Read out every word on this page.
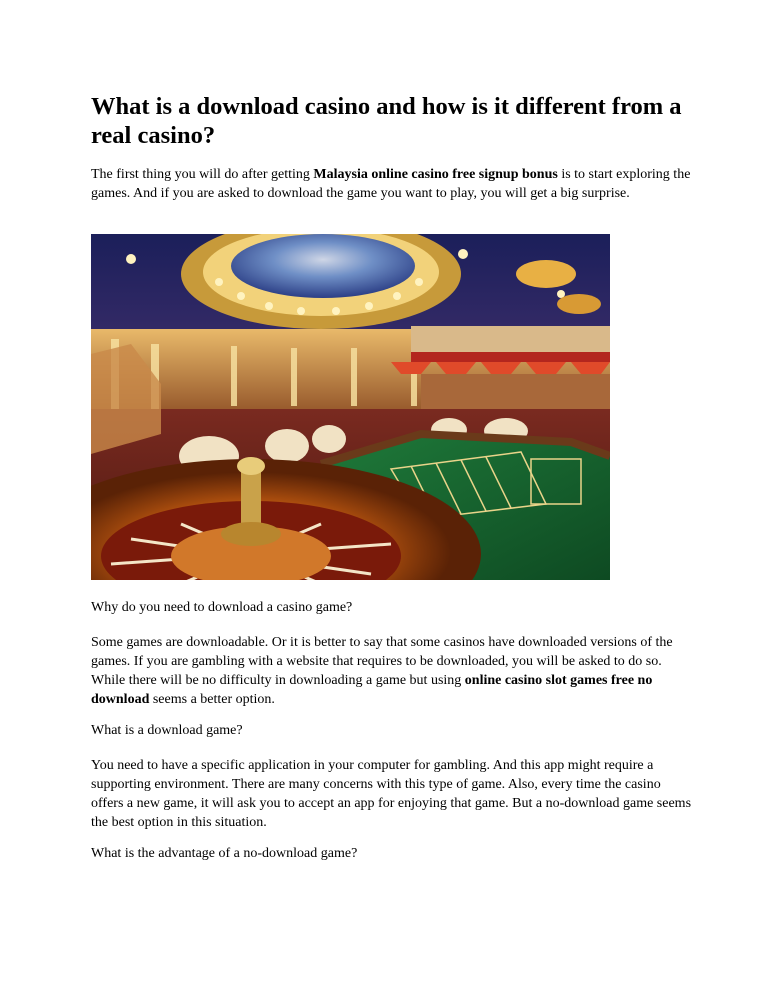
What is a download casino and how is it different from a real casino?

The first thing you will do after getting Malaysia online casino free signup bonus is to start exploring the games. And if you are asked to download the game you want to play, you will get a big surprise.

Why do you need to download a casino game?

Some games are downloadable. Or it is better to say that some casinos have downloaded versions of the games. If you are gambling with a website that requires to be downloaded, you will be asked to do so. While there will be no difficulty in downloading a game but using online casino slot games free no download seems a better option.

What is a download game?

You need to have a specific application in your computer for gambling. And this app might require a supporting environment. There are many concerns with this type of game. Also, every time the casino offers a new game, it will ask you to accept an app for enjoying that game. But a no-download game seems the best option in this situation.

What is the advantage of a no-download game?
